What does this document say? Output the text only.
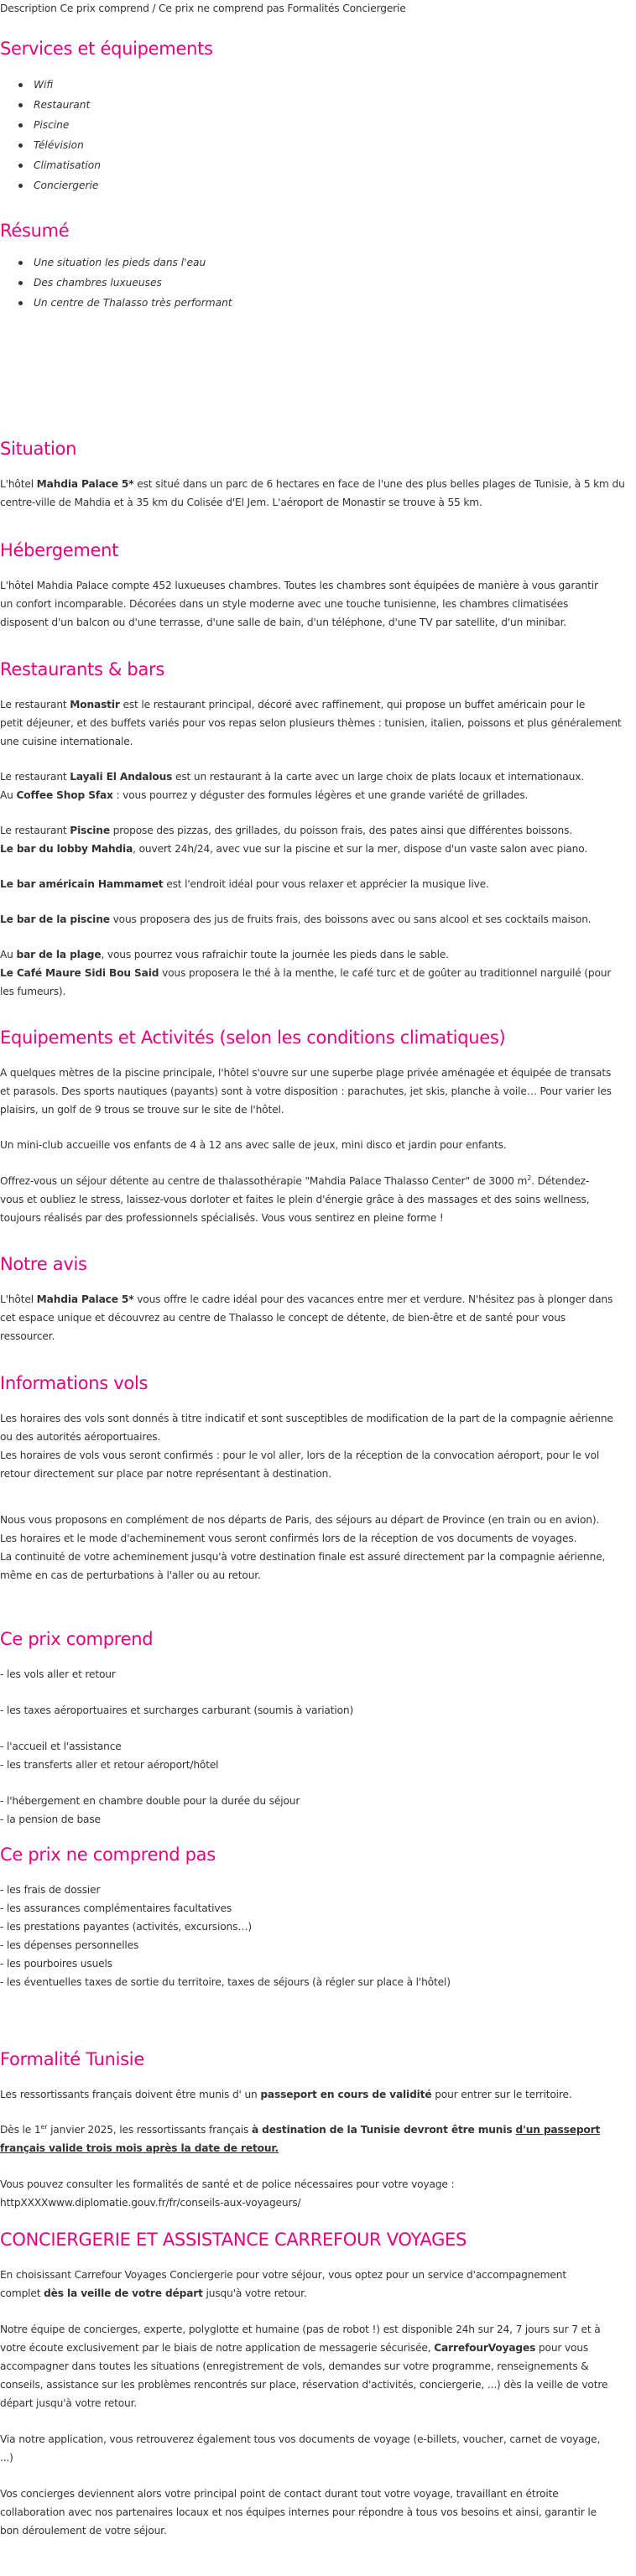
Description Ce prix comprend / Ce prix ne comprend pas Formalités Conciergerie

Services et équipements
Wifi
Restaurant
Piscine
Télévision
Climatisation
Conciergerie
Résumé
Une situation les pieds dans l'eau
Des chambres luxueuses
Un centre de Thalasso très performant
Situation

L'hôtel Mahdia Palace 5* est situé dans un parc de 6 hectares en face de l'une des plus belles plages de Tunisie, à 5 km du

centre-ville de Mahdia et à 35 km du Colisée d'El Jem. L'aéroport de Monastir se trouve à 55 km.

Hébergement

L'hôtel Mahdia Palace compte 452 luxueuses chambres. Toutes les chambres sont équipées de manière à vous garantir

un confort incomparable. Décorées dans un style moderne avec une touche tunisienne, les chambres climatisées

disposent d'un balcon ou d'une terrasse, d'une salle de bain, d'un téléphone, d'une TV par satellite, d'un minibar.

Restaurants & bars

Le restaurant Monastir est le restaurant principal, décoré avec raffinement, qui propose un buffet américain pour le

petit déjeuner, et des buffets variés pour vos repas selon plusieurs thèmes : tunisien, italien, poissons et plus généralement

une cuisine internationale.

Le restaurant Layali El Andalous est un restaurant à la carte avec un large choix de plats locaux et internationaux.

Au Coffee Shop Sfax : vous pourrez y déguster des formules légères et une grande variété de grillades.

Le restaurant Piscine propose des pizzas, des grillades, du poisson frais, des pates ainsi que différentes boissons.

Le bar du lobby Mahdia, ouvert 24h/24, avec vue sur la piscine et sur la mer, dispose d'un vaste salon avec piano.

Le bar américain Hammamet est l'endroit idéal pour vous relaxer et apprécier la musique live.

Le bar de la piscine vous proposera des jus de fruits frais, des boissons avec ou sans alcool et ses cocktails maison.

Au bar de la plage, vous pourrez vous rafraichir toute la journée les pieds dans le sable.

Le Café Maure Sidi Bou Said vous proposera le thé à la menthe, le café turc et de goûter au traditionnel narguilé (pour

les fumeurs).

Equipements et Activités (selon les conditions climatiques)

A quelques mètres de la piscine principale, l'hôtel s'ouvre sur une superbe plage privée aménagée et équipée de transats

et parasols. Des sports nautiques (payants) sont à votre disposition : parachutes, jet skis, planche à voile… Pour varier les

plaisirs, un golf de 9 trous se trouve sur le site de l'hôtel.

Un mini-club accueille vos enfants de 4 à 12 ans avec salle de jeux, mini disco et jardin pour enfants.

Offrez-vous un séjour détente au centre de thalassothérapie "Mahdia Palace Thalasso Center" de 3000 $m^2$. Détendez-

vous et oubliez le stress, laissez-vous dorloter et faites le plein d'énergie grâce à des massages et des soins wellness,

toujours réalisés par des professionnels spécialisés. Vous vous sentirez en pleine forme !

Notre avis

L'hôtel Mahdia Palace 5* vous offre le cadre idéal pour des vacances entre mer et verdure. N'hésitez pas à plonger dans

cet espace unique et découvrez au centre de Thalasso le concept de détente, de bien-être et de santé pour vous

ressourcer.

Informations vols

Les horaires des vols sont donnés à titre indicatif et sont susceptibles de modification de la part de la compagnie aérienne

ou des autorités aéroportuaires.

Les horaires de vols vous seront confirmés : pour le vol aller, lors de la réception de la convocation aéroport, pour le vol

retour directement sur place par notre représentant à destination.

Nous vous proposons en complément de nos départs de Paris, des séjours au départ de Province (en train ou en avion).

Les horaires et le mode d'acheminement vous seront confirmés lors de la réception de vos documents de voyages.

La continuité de votre acheminement jusqu'à votre destination finale est assuré directement par la compagnie aérienne,

même en cas de perturbations à l'aller ou au retour.

Ce prix comprend

- les vols aller et retour

- les taxes aéroportuaires et surcharges carburant (soumis à variation)

- l'accueil et l'assistance

- les transferts aller et retour aéroport/hôtel

- l'hébergement en chambre double pour la durée du séjour

- la pension de base

Ce prix ne comprend pas

- les frais de dossier

- les assurances complémentaires facultatives

- les prestations payantes (activités, excursions…)

- les dépenses personnelles

- les pourboires usuels

- les éventuelles taxes de sortie du territoire, taxes de séjours (à régler sur place à l'hôtel)

Formalité Tunisie

Les ressortissants français doivent être munis d' un passeport en cours de validité pour entrer sur le territoire.

Dès le 1er janvier 2025, les ressortissants français à destination de la Tunisie devront être munis d'un passeport

français valide trois mois après la date de retour.

Vous pouvez consulter les formalités de santé et de police nécessaires pour votre voyage :

httpXXXXwww.diplomatie.gouv.fr/fr/conseils-aux-voyageurs/

CONCIERGERIE ET ASSISTANCE CARREFOUR VOYAGES

En choisissant Carrefour Voyages Conciergerie pour votre séjour, vous optez pour un service d'accompagnement

complet dès la veille de votre départ jusqu'à votre retour.

Notre équipe de concierges, experte, polyglotte et humaine (pas de robot !) est disponible 24h sur 24, 7 jours sur 7 et à

votre écoute exclusivement par le biais de notre application de messagerie sécurisée, CarrefourVoyages pour vous

accompagner dans toutes les situations (enregistrement de vols, demandes sur votre programme, renseignements &

conseils, assistance sur les problèmes rencontrés sur place, réservation d'activités, conciergerie, ...) dès la veille de votre

départ jusqu'à votre retour.

Via notre application, vous retrouverez également tous vos documents de voyage (e-billets, voucher, carnet de voyage,

...)

Vos concierges deviennent alors votre principal point de contact durant tout votre voyage, travaillant en étroite

collaboration avec nos partenaires locaux et nos équipes internes pour répondre à tous vos besoins et ainsi, garantir le

bon déroulement de votre séjour.
